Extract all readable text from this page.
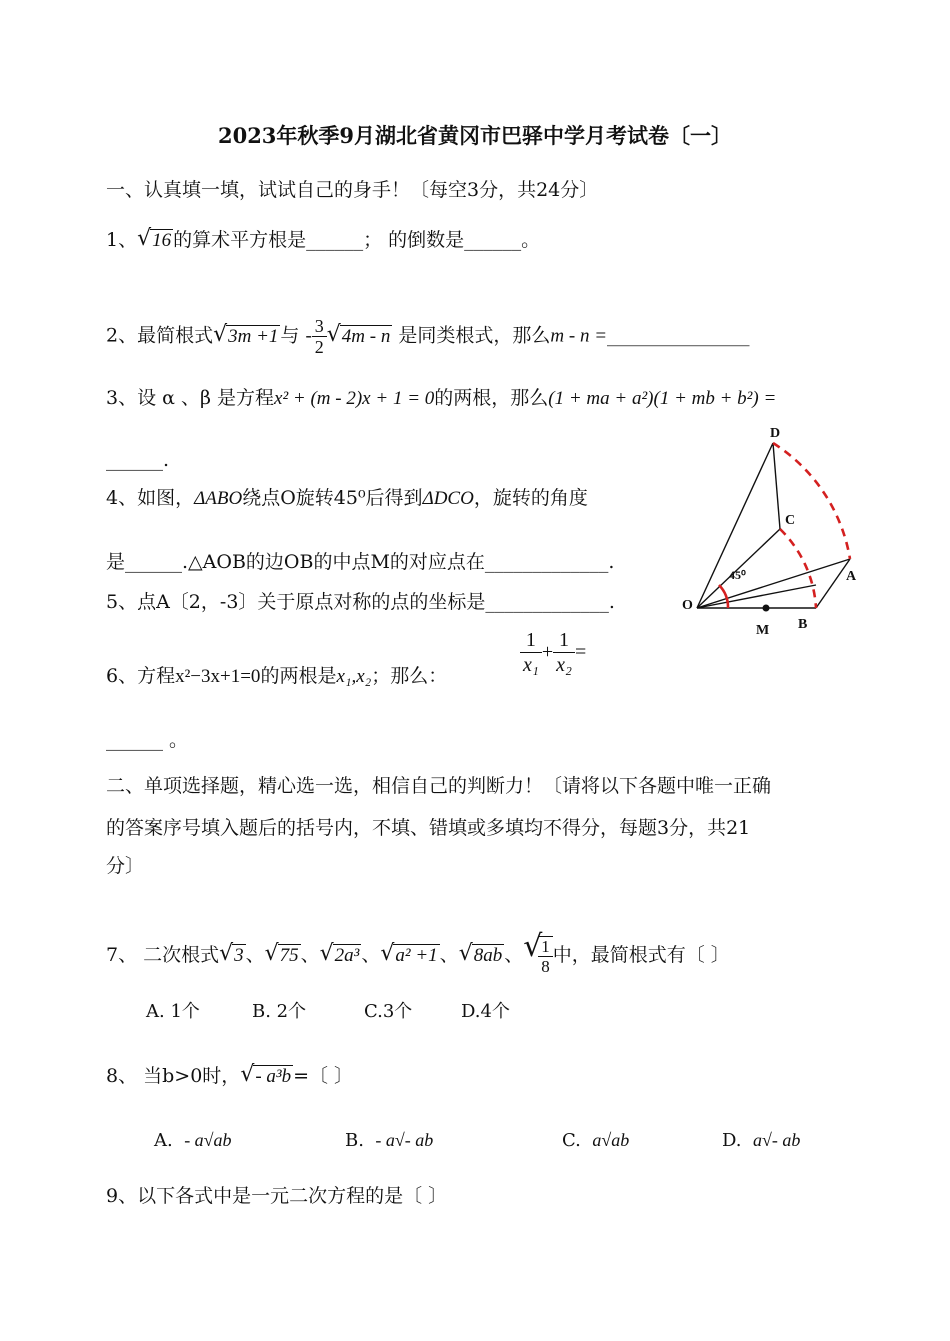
2023年秋季9月湖北省黄冈市巴驿中学月考试卷〔一〕
一、认真填一填，试试自己的身手！〔每空3分，共24分〕
1、 √ 16 的算术平方根是______； 的倒数是______。
2、最简根式 √ 3m +1 与 - $\frac{3}{2}$ √ 4m - n 是同类根式，那么m - n =_______________
3、设 α 、β 是方程x² + (m - 2)x + 1 = 0的两根，那么(1 + ma + a²)(1 + mb + b²) =
______.
4、如图，ΔABO绕点O旋转45⁰后得到ΔDCO，旋转的角度
是______.△AOB的边OB的中点M的对应点在_____________.
5、点A〔2，-3〕关于原点对称的点的坐标是_____________.
6、方程x²−3x+1=0的两根是x₁,x₂；那么：	$\frac{1}{\text{x₁}} + \frac{1}{\text{x₂}}$ =
______ 。
二、单项选择题，精心选一选，相信自己的判断力！〔请将以下各题中唯一正确
的答案序号填入题后的括号内，不填、错填或多填均不得分，每题3分，共21
分〕
7、 二次根式 √ 3 、 √ 75 、 √ 2a³ 、 √ a² +1 、 √ 8ab 、 √
$\frac{1}{8}$ 中，最简根式有〔 〕
A. 1个	B. 2个	C.3个	D.4个
8、 当b>0时， √ - a³b =〔 〕
A. - a√ab	B. - a√- ab	C. a√ab	D. a√- ab
9、以下各式中是一元二次方程的是〔 〕
D
C
A
O
M B
45⁰
